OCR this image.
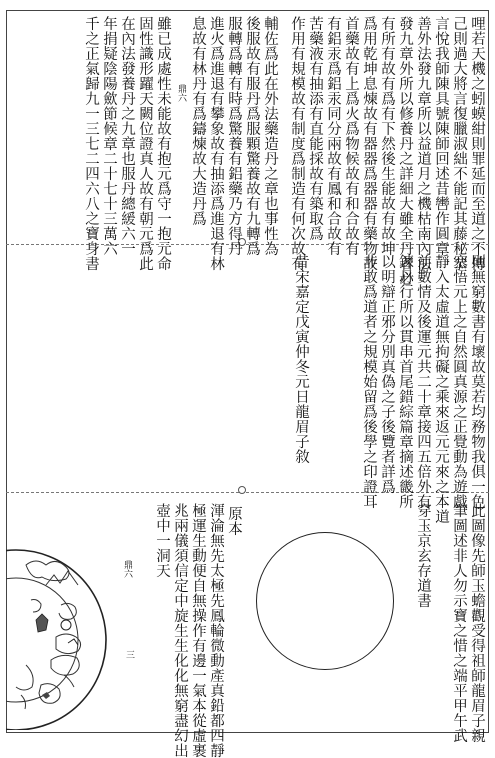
哩若天機之蚓蟆紺則罪延而至道之不傳
己則過大將言復臘淑絀不能記其藤秘恭
言悅我師陳具號陳師回述昔轡作圓章
善外法發九章所以益道月之機枯南內法
發九章外所以修養丹之詳細大雖全丹者必
有所有故有爲有下然後生能故有故坤
爲用乾坤息煉故有器器爲器器有藥物故
首藥故有上爲火爲物候故有和合故有
有鋁汞爲鋁汞同分兩故有鳳和合故有
苦藥液有抽添有直能採故有築取爲
作用有規模故有制度爲制造有何次故有
輔佐爲此在外法藥造丹之章也事性為
後服故有服丹爲服顆驚養故有九轉爲
服轉爲轉有時爲驚養有鋁藥乃方得丹
進火爲進退有攀象故有抽添爲進退有林
息故有林丹有爲鑄煉故大造丹爲
雖已成處性未能故有抱元爲守一抱元命
固性識形躍天闕位證真人故有朝元爲此
在內法發養丹之九章也服丹總緩六一
年捐疑陰陽歛節候章二十七十三萬六
千之正氣歸九一三七二四六八之寶身書	鼎六
則無窮數書有壞故莫若均務物我俱一色
空悟元上之自然圓真源之正覺動為遊戲
靜入太虛道無拘礙之乘來返元元來之本道
前數情及後運元共二十章接四五倍外有
鍊丹行所以貫串首尾錯綜篇章摘述畿所
以明辯正邪分別真偽之子後覽者詳爲
非敢爲道者之規模始留爲後學之印證耳
昔宋嘉定戊寅仲冬元日龍眉子敘
此圖像先師玉蟾觀受得祖師龍眉子親
筆圖述非人勿示寶之惜之端平甲午武
穿玉京玄存道書
原本
渾淪無先太極先鳳輪微動產真鉛都四靜
極運生動便自無操作有邊一氣本從虛裹
兆兩儀須信定中旋生生化化無窮盡幻出
壺中一洞天
鼎六
三
